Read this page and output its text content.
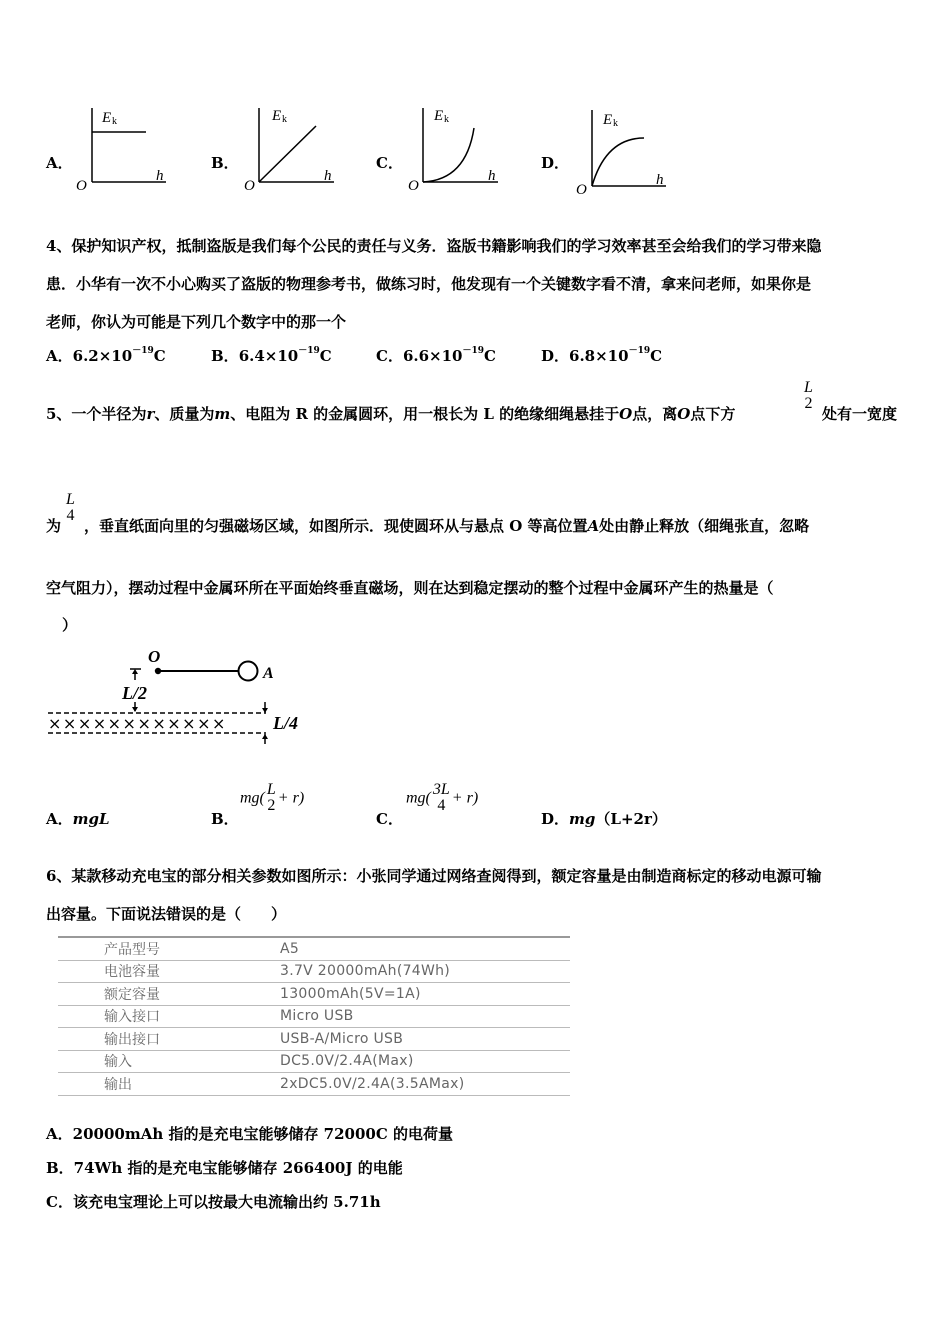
A．	B．	C．	D．
E k
h
O
E k
h
O
E k
h
O
E k
h
O
4、保护知识产权，抵制盗版是我们每个公民的责任与义务．盗版书籍影响我们的学习效率甚至会给我们的学习带来隐
患．小华有一次不小心购买了盗版的物理参考书，做练习时，他发现有一个关键数字看不清，拿来问老师，如果你是
老师，你认为可能是下列几个数字中的那一个
A．$6.2\times 10^{-19}C$	B．$6.4\times 10^{-19}C$	C．$6.6\times 10^{-19}C$	D．$6.8\times 10^{-19}C$
5、一个半径为r、质量为m、电阻为 R 的金属圆环，用一根长为 L 的绝缘细绳悬挂于O点，离O点下方
L
2
处有一宽度
为
L
4
，垂直纸面向里的匀强磁场区域，如图所示．现使圆环从与悬点 O 等高位置A处由静止释放（细绳张直，忽略
空气阻力），摆动过程中金属环所在平面始终垂直磁场，则在达到稳定摆动的整个过程中金属环产生的热量是（
）
O
A
L/2
××××××××××××	L/4
A．mgL	B．
mg( L
2 + r)
C．
mg( 3L
4 + r)
D．mg（L+2r）
6、某款移动充电宝的部分相关参数如图所示：小张同学通过网络查阅得到，额定容量是由制造商标定的移动电源可输
出容量。下面说法错误的是（　　）
产品型号	A5
电池容量	3.7V 20000mAh(74Wh)
额定容量	13000mAh(5V=1A)
输入接口	Micro USB
输出接口	USB-A/Micro USB
输入	DC5.0V/2.4A(Max)
输出	2xDC5.0V/2.4A(3.5AMax)
A．20000mAh 指的是充电宝能够储存 72000C 的电荷量
B．74Wh 指的是充电宝能够储存 266400J 的电能
C．该充电宝理论上可以按最大电流输出约 5.71h
